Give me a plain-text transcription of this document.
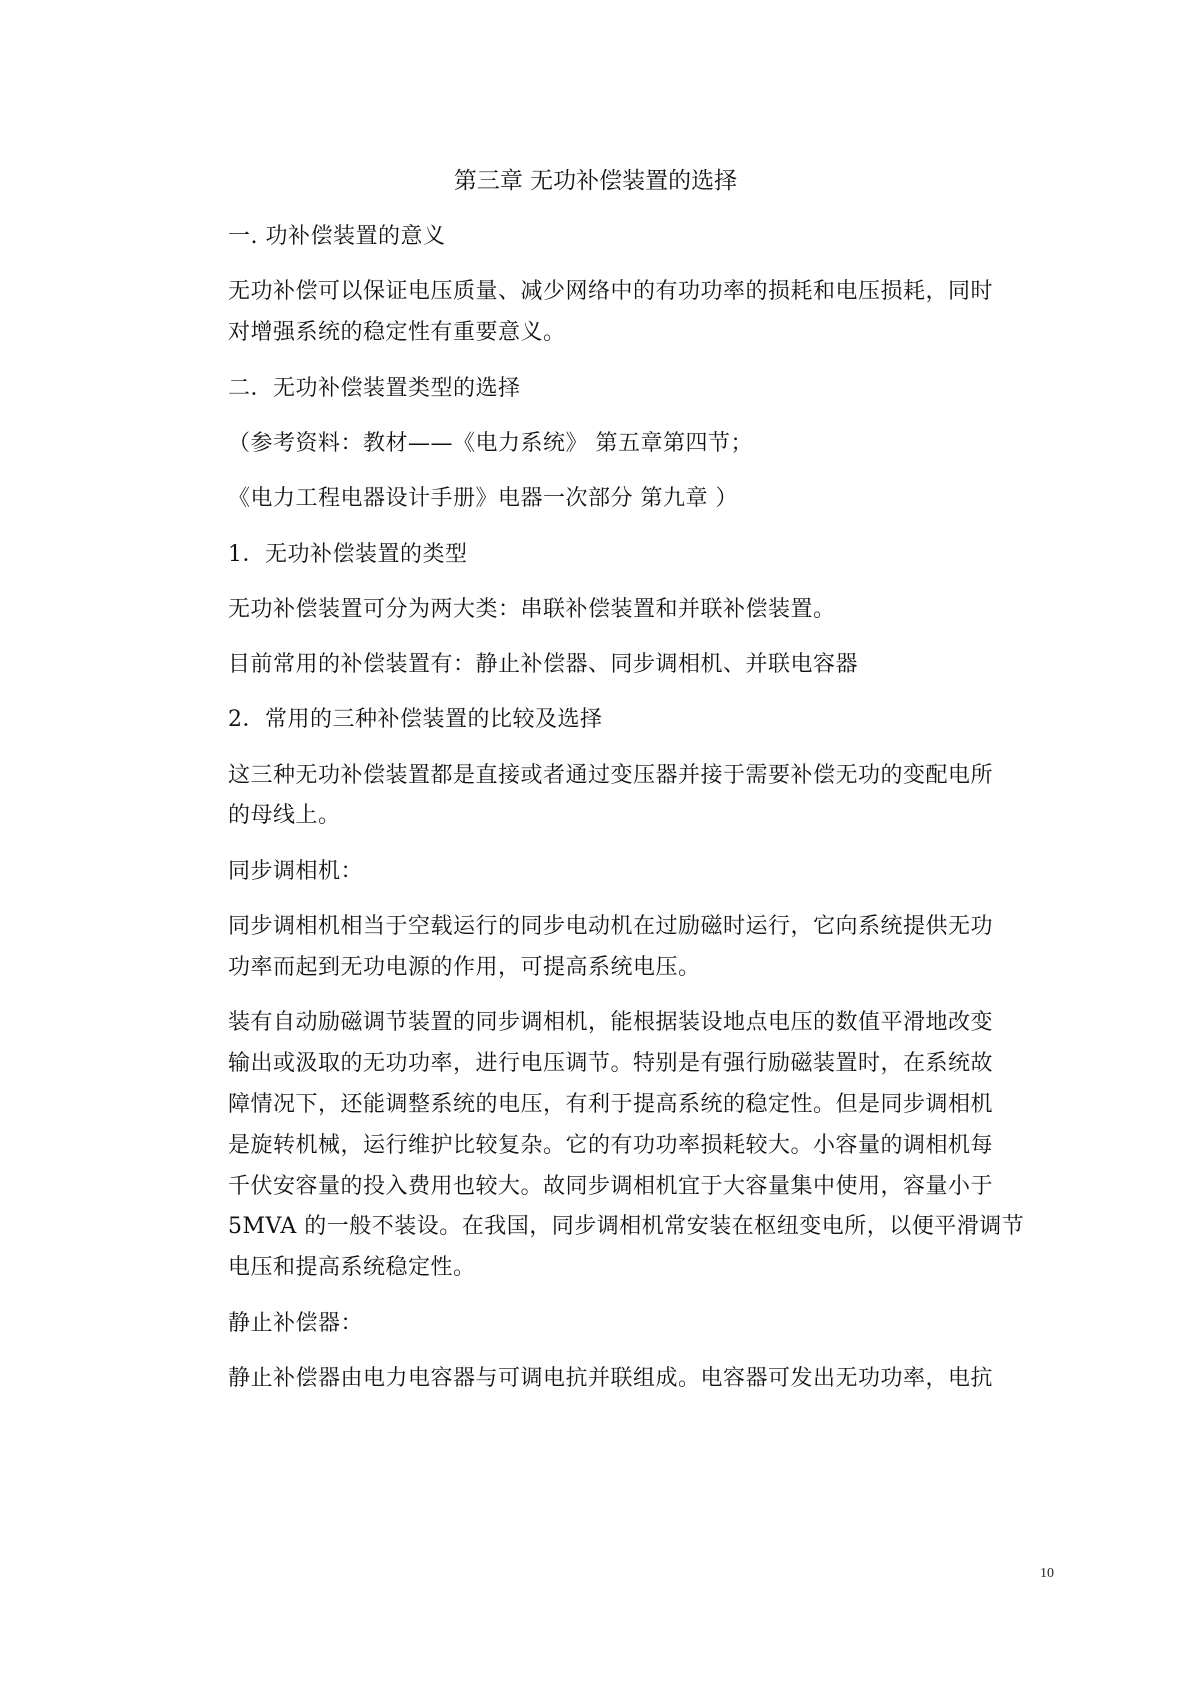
第三章 无功补偿装置的选择
一. 功补偿装置的意义
无功补偿可以保证电压质量、减少网络中的有功功率的损耗和电压损耗，同时
对增强系统的稳定性有重要意义。
二．无功补偿装置类型的选择
（参考资料：教材——《电力系统》 第五章第四节；
《电力工程电器设计手册》电器一次部分 第九章 ）
1．无功补偿装置的类型
无功补偿装置可分为两大类：串联补偿装置和并联补偿装置。
目前常用的补偿装置有：静止补偿器、同步调相机、并联电容器
2．常用的三种补偿装置的比较及选择
这三种无功补偿装置都是直接或者通过变压器并接于需要补偿无功的变配电所
的母线上。
同步调相机：
同步调相机相当于空载运行的同步电动机在过励磁时运行，它向系统提供无功
功率而起到无功电源的作用，可提高系统电压。
装有自动励磁调节装置的同步调相机，能根据装设地点电压的数值平滑地改变
输出或汲取的无功功率，进行电压调节。特别是有强行励磁装置时，在系统故
障情况下，还能调整系统的电压，有利于提高系统的稳定性。但是同步调相机
是旋转机械，运行维护比较复杂。它的有功功率损耗较大。小容量的调相机每
千伏安容量的投入费用也较大。故同步调相机宜于大容量集中使用，容量小于
5MVA 的一般不装设。在我国，同步调相机常安装在枢纽变电所，以便平滑调节
电压和提高系统稳定性。
静止补偿器：
静止补偿器由电力电容器与可调电抗并联组成。电容器可发出无功功率，电抗
10
